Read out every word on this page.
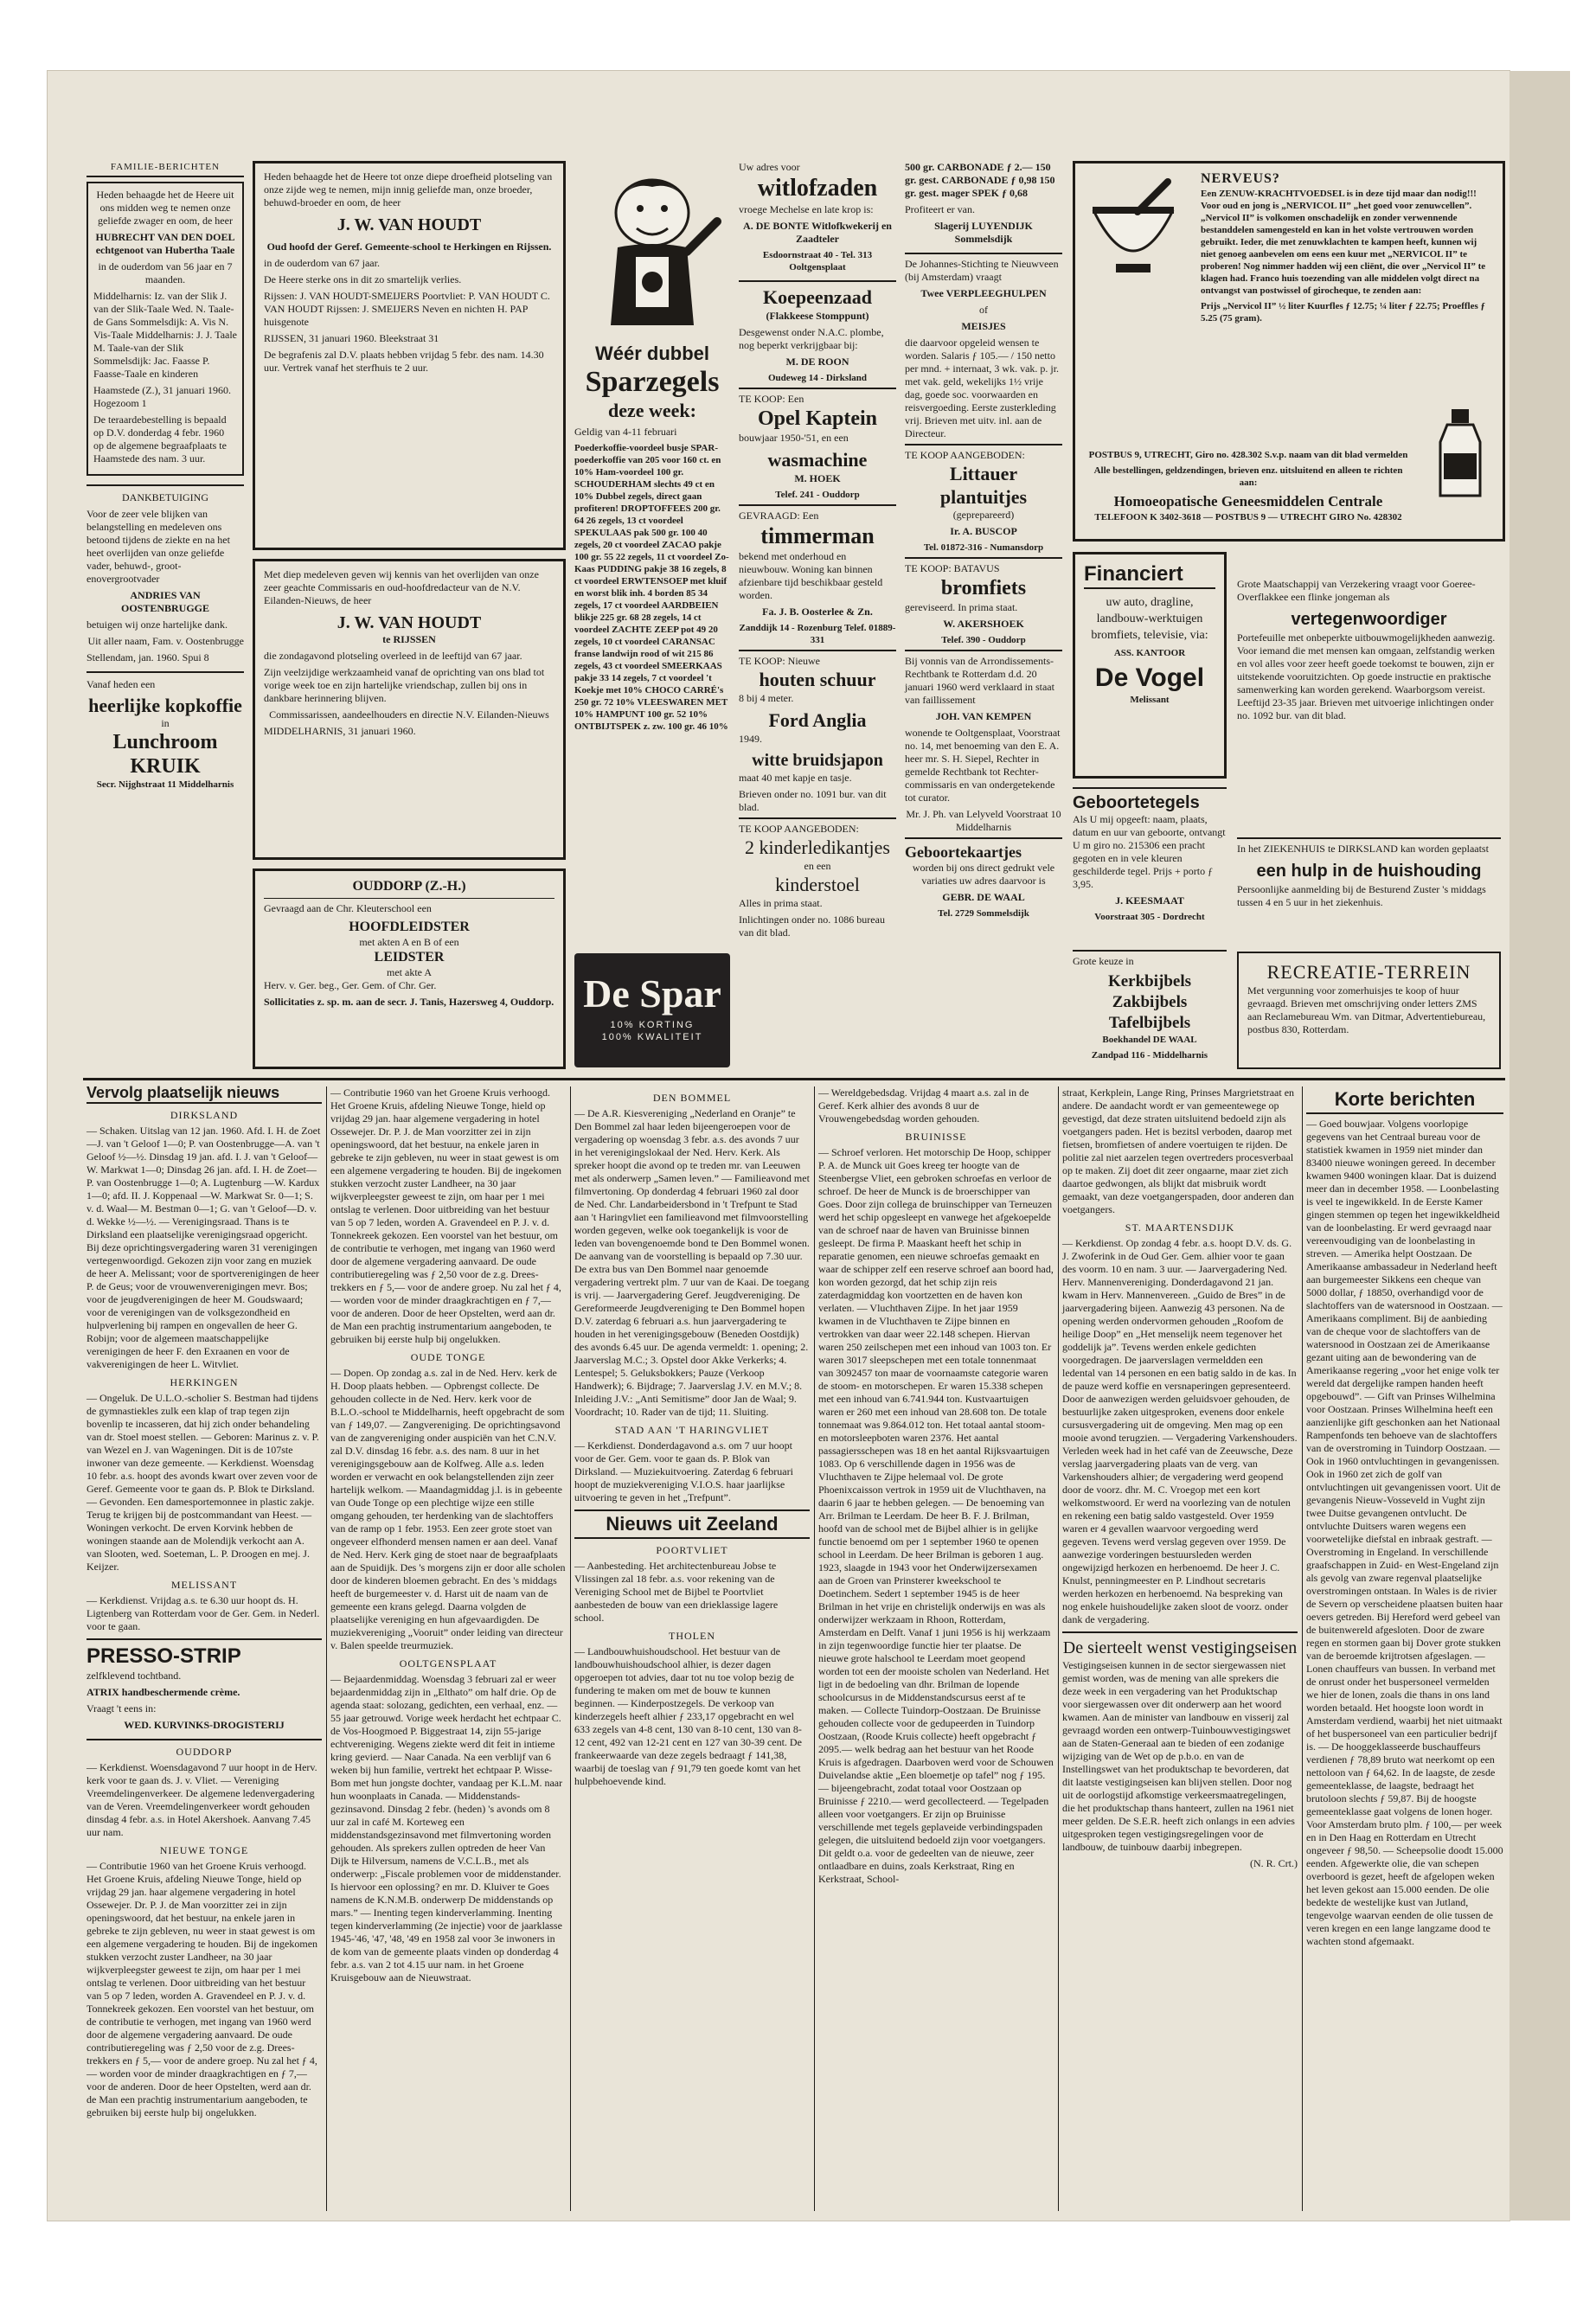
FAMILIE-BERICHTEN

Heden behaagde het de Heere uit ons midden weg te nemen onze geliefde zwager en oom, de heer

HUBRECHT VAN DEN DOEL echtgenoot van Huberthа Taale

in de ouderdom van 56 jaar en 7 maanden.

Middelharnis: Iz. van der Slik J. van der Slik-Taale Wed. N. Taale-de Gans Sommelsdijk: A. Vis N. Vis-Taale Middelharnis: J. J. Taale M. Taale-van der Slik Sommelsdijk: Jac. Faasse P. Faasse-Taale en kinderen

Haamstede (Z.), 31 januari 1960. Hogezoom 1

De teraardebestelling is bepaald op D.V. donderdag 4 febr. 1960 op de algemene begraafplaats te Haamstede des nam. 3 uur.

DANKBETUIGING

Voor de zeer vele blijken van belangstelling en medeleven ons betoond tijdens de ziekte en na het heet overlijden van onze geliefde vader, behuwd-, groot- enovergrootvader

ANDRIES VAN OOSTENBRUGGE

betuigen wij onze hartelijke dank.

Uit aller naam, Fam. v. Oostenbrugge

Stellendam, jan. 1960. Spui 8

Vanaf heden een

heerlijke kopkoffie
in
Lunchroom KRUIK
Secr. Nijghstraat 11 Middelharnis

Heden behaagde het de Heere tot onze diepe droefheid plotseling van onze zijde weg te nemen, mijn innig geliefde man, onze broeder, behuwd-broeder en oom, de heer

J. W. VAN HOUDT

Oud hoofd der Geref. Gemeente-school te Herkingen en Rijssen.

in de ouderdom van 67 jaar.

De Heere sterke ons in dit zo smartelijk verlies.

Rijssen: J. VAN HOUDT-SMEIJERS Poortvliet: P. VAN HOUDT C. VAN HOUDT Rijssen: J. SMEIJERS Neven en nichten H. PAP huisgenote

RIJSSEN, 31 januari 1960. Bleekstraat 31

De begrafenis zal D.V. plaats hebben vrijdag 5 febr. des nam. 14.30 uur. Vertrek vanaf het sterfhuis te 2 uur.

Met diep medeleven geven wij kennis van het overlijden van onze zeer geachte Commissaris en oud-hoofdredacteur van de N.V. Eilanden-Nieuws, de heer

J. W. VAN HOUDT

te RIJSSEN

die zondagavond plotseling overleed in de leeftijd van 67 jaar.

Zijn veelzijdige werkzaamheid vanaf de oprichting van ons blad tot vorige week toe en zijn hartelijke vriendschap, zullen bij ons in dankbare herinnering blijven.

Commissarissen, aandeelhouders en directie N.V. Eilanden-Nieuws

MIDDELHARNIS, 31 januari 1960.

OUDDORP (Z.-H.)

Gevraagd aan de Chr. Kleuterschool een

HOOFDLEIDSTER
met akten A en B of een
LEIDSTER
met akte A

Herv. v. Ger. beg., Ger. Gem. of Chr. Ger.

Sollicitaties z. sp. m. aan de secr. J. Tanis, Hazersweg 4, Ouddorp.

Wéér dubbel
Sparzegels
deze week:

Geldig van 4-11 februari

Poederkoffie-voordeel busje SPAR-poederkoffie van 205 voor 160 ct. en 10% Ham-voordeel 100 gr. SCHOUDERHAM slechts 49 ct en 10% Dubbel zegels, direct gaan profiteren! DROPTOFFEES 200 gr. 64 26 zegels, 13 ct voordeel SPEKULAAS pak 500 gr. 100 40 zegels, 20 ct voordeel ZACAO pakje 100 gr. 55 22 zegels, 11 ct voordeel Zo-Kaas PUDDING pakje 38 16 zegels, 8 ct voordeel ERWTENSOEP met kluif en worst blik inh. 4 borden 85 34 zegels, 17 ct voordeel AARDBEIEN blikje 225 gr. 68 28 zegels, 14 ct voordeel ZACHTE ZEEP pot 49 20 zegels, 10 ct voordeel CARANSAC franse landwijn rood of wit 215 86 zegels, 43 ct voordeel SMEERKAAS pakje 33 14 zegels, 7 ct voordeel 't Koekje met 10% CHOCO CARRÉ's 250 gr. 72 10% VLEESWAREN MET 10% HAMPUNT 100 gr. 52 10% ONTBIJTSPEK z. zw. 100 gr. 46 10%

De Spar
10% KORTING
100% KWALITEIT
Uw adres voor
witlofzaden

vroege Mechelse en late krop is:

A. DE BONTE Witlofkwekerij en Zaadteler

Esdoornstraat 40 - Tel. 313 Ooltgensplaat

Koepeenzaad

(Flakkeese Stomppunt)

Desgewenst onder N.A.C. plombe, nog beperkt verkrijgbaar bij:

M. DE ROON

Oudeweg 14 - Dirksland

TE KOOP: Een
Opel Kaptein

bouwjaar 1950-'51, en een

wasmachine

M. HOEK

Telef. 241 - Ouddorp

GEVRAAGD: Een
timmerman

bekend met onderhoud en nieuwbouw. Woning kan binnen afzienbare tijd beschikbaar gesteld worden.

Fa. J. B. Oosterlee & Zn.

Zanddijk 14 - Rozenburg Telef. 01889-331

TE KOOP: Nieuwe
houten schuur

8 bij 4 meter.

Ford Anglia

1949.

witte bruidsjapon

maat 40 met kapje en tasje.

Brieven onder no. 1091 bur. van dit blad.

TE KOOP AANGEBODEN:
2 kinderledikantjes
en een
kinderstoel

Alles in prima staat.

Inlichtingen onder no. 1086 bureau van dit blad.

500 gr. CARBONADE ƒ 2.— 150 gr. gest. CARBONADE ƒ 0,98 150 gr. gest. mager SPEK ƒ 0,68

Profiteert er van.

Slagerij LUYENDIJK Sommelsdijk

De Johannes-Stichting te Nieuwveen (bij Amsterdam) vraagt

Twee VERPLEEGHULPEN

of

MEISJES

die daarvoor opgeleid wensen te worden. Salaris ƒ 105.— / 150 netto per mnd. + internaat, 3 wk. vak. p. jr. met vak. geld, wekelijks 1½ vrije dag, goede soc. voorwaarden en reisvergoeding. Eerste zusterkleding vrij. Brieven met uitv. inl. aan de Directeur.

TE KOOP AANGEBODEN:
Littauer plantuitjes

(geprepareerd)

Ir. A. BUSCOP

Tel. 01872-316 - Numansdorp

TE KOOP: BATAVUS
bromfiets

gereviseerd. In prima staat.

W. AKERSHOEK

Telef. 390 - Ouddorp

Bij vonnis van de Arrondissements-Rechtbank te Rotterdam d.d. 20 januari 1960 werd verklaard in staat van faillissement

JOH. VAN KEMPEN

wonende te Ooltgensplaat, Voorstraat no. 14, met benoeming van den E. A. heer mr. S. H. Siepel, Rechter in gemelde Rechtbank tot Rechter-commissaris en van ondergetekende tot curator.

Mr. J. Ph. van Lelyveld Voorstraat 10 Middelharnis

Geboortekaartjes

worden bij ons direct gedrukt vele variaties uw adres daarvoor is

GEBR. DE WAAL

Tel. 2729 Sommelsdijk

NERVEUS?

Een ZENUW-KRACHTVOEDSEL is in deze tijd maar dan nodig!!! Voor oud en jong is „NERVICOL II” „het goed voor zenuwcellen”. „Nervicol II” is volkomen onschadelijk en zonder verwennende bestanddelen samengesteld en kan in het volste vertrouwen worden gebruikt. Ieder, die met zenuwklachten te kampen heeft, kunnen wij niet genoeg aanbevelen om eens een kuur met „NERVICOL II” te proberen! Nog nimmer hadden wij een cliënt, die over „Nervicol II” te klagen had. Franco huis toezending van alle middelen volgt direct na ontvangst van postwissel of girocheque, te zenden aan:

Prijs „Nervicol II” ½ liter Kuurfles ƒ 12.75; ¼ liter ƒ 22.75; Proeffles ƒ 5.25 (75 gram).

POSTBUS 9, UTRECHT, Giro no. 428.302 S.v.p. naam van dit blad vermelden

Alle bestellingen, geldzendingen, brieven enz. uitsluitend en alleen te richten aan:

Homoeopatische Geneesmiddelen Centrale

TELEFOON K 3402-3618 — POSTBUS 9 — UTRECHT GIRO No. 428302

Financiert

uw auto, dragline, landbouw-werktuigen bromfiets, televisie, via:

ASS. KANTOOR

De Vogel

Melissant

Geboortetegels

Als U mij opgeeft: naam, plaats, datum en uur van geboorte, ontvangt U m giro no. 215306 een pracht gegoten en in vele kleuren geschilderde tegel. Prijs + porto ƒ 3,95.

J. KEESMAAT

Voorstraat 305 - Dordrecht

Grote keuze in

Kerkbijbels Zakbijbels Tafelbijbels

Boekhandel DE WAAL

Zandpad 116 - Middelharnis

Grote Maatschappij van Verzekering vraagt voor Goeree-Overflakkee een flinke jongeman als

vertegenwoordiger

Portefeuille met onbeperkte uitbouwmogelijkheden aanwezig. Voor iemand die met mensen kan omgaan, zelfstandig werken en vol alles voor zeer heeft goede toekomst te bouwen, zijn er uitstekende vooruitzichten. Op goede instructie en praktische samenwerking kan worden gerekend. Waarborgsom vereist. Leeftijd 23-35 jaar. Brieven met uitvoerige inlichtingen onder no. 1092 bur. van dit blad.

In het ZIEKENHUIS te DIRKSLAND kan worden geplaatst

een hulp in de huishouding

Persoonlijke aanmelding bij de Besturend Zuster 's middags tussen 4 en 5 uur in het ziekenhuis.

RECREATIE-TERREIN

Met vergunning voor zomerhuisjes te koop of huur gevraagd. Brieven met omschrijving onder letters ZMS aan Reclamebureau Wm. van Ditmar, Advertentiebureau, postbus 830, Rotterdam.

Vervolg plaatselijk nieuws
DIRKSLAND

— Schaken. Uitslag van 12 jan. 1960. Afd. I. H. de Zoet—J. van 't Geloof 1—0; P. van Oostenbrugge—A. van 't Geloof ½—½. Dinsdag 19 jan. afd. I. J. van 't Geloof—W. Markwat 1—0; Dinsdag 26 jan. afd. I. H. de Zoet—P. van Oostenbrugge 1—0; A. Lugtenburg —W. Kardux 1—0; afd. II. J. Koppenaal —W. Markwat Sr. 0—1; S. v. d. Waal— M. Bestman 0—1; G. van 't Geloof—D. v. d. Wekke ½—½. — Verenigingsraad. Thans is te Dirksland een plaatselijke verenigingsraad opgericht. Bij deze oprichtingsvergadering waren 31 verenigingen vertegenwoordigd. Gekozen zijn voor zang en muziek de heer A. Melissant; voor de sportverenigingen de heer P. de Geus; voor de vrouwenverenigingen mevr. Bos; voor de jeugdverenigingen de heer M. Goudswaard; voor de verenigingen van de volksgezondheid en hulpverlening bij rampen en ongevallen de heer G. Robijn; voor de algemeen maatschappelijke verenigingen de heer F. den Exraanen en voor de vakverenigingen de heer L. Witvliet.

HERKINGEN

— Ongeluk. De U.L.O.-scholier S. Bestman had tijdens de gymnastiekles zulk een klap of trap tegen zijn bovenlip te incasseren, dat hij zich onder behandeling van dr. Stoel moest stellen. — Geboren: Marinus z. v. P. van Wezel en J. van Wageningen. Dit is de 107ste inwoner van deze gemeente. — Kerkdienst. Woensdag 10 febr. a.s. hoopt des avonds kwart over zeven voor de Geref. Gemeente voor te gaan ds. P. Blok te Dirksland. — Gevonden. Een damesportemonnee in plastic zakje. Terug te krijgen bij de postcommandant van Heest. — Woningen verkocht. De erven Korvink hebben de woningen staande aan de Molendijk verkocht aan A. van Slooten, wed. Soeteman, L. P. Droogen en mej. J. Keijzer.

MELISSANT

— Kerkdienst. Vrijdag a.s. te 6.30 uur hoopt ds. H. Ligtenberg van Rotterdam voor de Ger. Gem. in Nederl. voor te gaan.

PRESSO-STRIP

zelfklevend tochtband.

ATRIX handbeschermende crème.

Vraagt 't eens in:

WED. KURVINKS-DROGISTERIJ

OUDDORP

— Kerkdienst. Woensdagavond 7 uur hoopt in de Herv. kerk voor te gaan ds. J. v. Vliet. — Vereniging Vreemdelingenverkeer. De algemene ledenvergadering van de Veren. Vreemdelingenverkeer wordt gehouden dinsdag 4 febr. a.s. in Hotel Akershoek. Aanvang 7.45 uur nam.

NIEUWE TONGE

— Contributie 1960 van het Groene Kruis verhoogd. Het Groene Kruis, afdeling Nieuwe Tonge, hield op vrijdag 29 jan. haar algemene vergadering in hotel Ossewejer. Dr. P. J. de Man voorzitter zei in zijn openingswoord, dat het bestuur, na enkele jaren in gebreke te zijn gebleven, nu weer in staat gewest is om een algemene vergadering te houden. Bij de ingekomen stukken verzocht zuster Landheer, na 30 jaar wijkverpleegster geweest te zijn, om haar per 1 mei ontslag te verlenen. Door uitbreiding van het bestuur van 5 op 7 leden, worden A. Gravendeel en P. J. v. d. Tonnekreek gekozen. Een voorstel van het bestuur, om de contributie te verhogen, met ingang van 1960 werd door de algemene vergadering aanvaard. De oude contributieregeling was ƒ 2,50 voor de z.g. Drees-trekkers en ƒ 5,— voor de andere groep. Nu zal het ƒ 4,— worden voor de minder draagkrachtigen en ƒ 7,— voor de anderen. Door de heer Opstelten, werd aan dr. de Man een prachtig instrumentarium aangeboden, te gebruiken bij eerste hulp bij ongelukken.

— Contributie 1960 van het Groene Kruis verhoogd. Het Groene Kruis, afdeling Nieuwe Tonge, hield op vrijdag 29 jan. haar algemene vergadering in hotel Ossewejer. Dr. P. J. de Man voorzitter zei in zijn openingswoord, dat het bestuur, na enkele jaren in gebreke te zijn gebleven, nu weer in staat gewest is om een algemene vergadering te houden. Bij de ingekomen stukken verzocht zuster Landheer, na 30 jaar wijkverpleegster geweest te zijn, om haar per 1 mei ontslag te verlenen. Door uitbreiding van het bestuur van 5 op 7 leden, worden A. Gravendeel en P. J. v. d. Tonnekreek gekozen. Een voorstel van het bestuur, om de contributie te verhogen, met ingang van 1960 werd door de algemene vergadering aanvaard. De oude contributieregeling was ƒ 2,50 voor de z.g. Drees-trekkers en ƒ 5,— voor de andere groep. Nu zal het ƒ 4,— worden voor de minder draagkrachtigen en ƒ 7,— voor de anderen. Door de heer Opstelten, werd aan dr. de Man een prachtig instrumentarium aangeboden, te gebruiken bij eerste hulp bij ongelukken.

OUDE TONGE

— Dopen. Op zondag a.s. zal in de Ned. Herv. kerk de H. Doop plaats hebben. — Opbrengst collecte. De gehouden collecte in de Ned. Herv. kerk voor de B.L.O.-school te Middelharnis, heeft opgebracht de som van ƒ 149,07. — Zangvereniging. De oprichtingsavond van de zangvereniging onder auspiciën van het C.N.V. zal D.V. dinsdag 16 febr. a.s. des nam. 8 uur in het verenigingsgebouw aan de Kolfweg. Alle a.s. leden worden er verwacht en ook belangstellenden zijn zeer hartelijk welkom. — Maandagmiddag j.l. is in gebeente van Oude Tonge op een plechtige wijze een stille omgang gehouden, ter herdenking van de slachtoffers van de ramp op 1 febr. 1953. Een zeer grote stoet van ongeveer elfhonderd mensen namen er aan deel. Vanaf de Ned. Herv. Kerk ging de stoet naar de begraafplaats aan de Spuidijk. Des 's morgens zijn er door alle scholen door de kinderen bloemen gebracht. En des 's middags heeft de burgemeester v. d. Harst uit de naam van de gemeente een krans gelegd. Daarna volgden de plaatselijke vereniging en hun afgevaardigden. De muziekvereniging „Vooruit” onder leiding van directeur v. Balen speelde treurmuziek.

OOLTGENSPLAAT

— Bejaardenmiddag. Woensdag 3 februari zal er weer bejaardenmiddag zijn in „Elthato” om half drie. Op de agenda staat: solozang, gedichten, een verhaal, enz. — 55 jaar getrouwd. Vorige week herdacht het echtpaar C. de Vos-Hoogmoed P. Biggestraat 14, zijn 55-jarige echtvereniging. Wegens ziekte werd dit feit in intieme kring gevierd. — Naar Canada. Na een verblijf van 6 weken bij hun familie, vertrekt het echtpaar P. Wisse-Bom met hun jongste dochter, vandaag per K.L.M. naar hun woonplaats in Canada. — Middenstands-gezinsavond. Dinsdag 2 febr. (heden) 's avonds om 8 uur zal in café M. Korteweg een middenstandsgezinsavond met filmvertoning worden gehouden. Als sprekers zullen optreden de heer Van Dijk te Hilversum, namens de V.C.L.B., met als onderwerp: „Fiscale problemen voor de middenstander. Is hiervoor een oplossing? en mr. D. Kluiver te Goes namens de K.N.M.B. onderwerp De middenstands op mars.” — Inenting tegen kinderverlamming. Inenting tegen kinderverlamming (2e injectie) voor de jaarklasse 1945-'46, '47, '48, '49 en 1958 zal voor 3e inwoners in de kom van de gemeente plaats vinden op donderdag 4 febr. a.s. van 2 tot 4.15 uur nam. in het Groene Kruisgebouw aan de Nieuwstraat.

DEN BOMMEL

— De A.R. Kiesvereniging „Nederland en Oranje” te Den Bommel zal haar leden bijeengeroepen voor de vergadering op woensdag 3 febr. a.s. des avonds 7 uur in het verenigingslokaal der Ned. Herv. Kerk. Als spreker hoopt die avond op te treden mr. van Leeuwen met als onderwerp „Samen leven.” — Familieavond met filmvertoning. Op donderdag 4 februari 1960 zal door de Ned. Chr. Landarbeidersbond in 't Trefpunt te Stad aan 't Haringvliet een familieavond met filmvoorstelling worden gegeven, welke ook toegankelijk is voor de leden van bovengenoemde bond te Den Bommel wonen. De aanvang van de voorstelling is bepaald op 7.30 uur. De extra bus van Den Bommel naar genoemde vergadering vertrekt plm. 7 uur van de Kaai. De toegang is vrij. — Jaarvergadering Geref. Jeugdvereniging. De Gereformeerde Jeugdvereniging te Den Bommel hopen D.V. zaterdag 6 februari a.s. hun jaarvergadering te houden in het verenigingsgebouw (Beneden Oostdijk) des avonds 6.45 uur. De agenda vermeldt: 1. opening; 2. Jaarverslag M.C.; 3. Opstel door Akke Verkerks; 4. Lentespel; 5. Geluksbokkers; Pauze (Verkoop Handwerk); 6. Bijdrage; 7. Jaarverslag J.V. en M.V.; 8. Inleiding J.V.: „Anti Semitisme” door Jan de Waal; 9. Voordracht; 10. Rader van de tijd; 11. Sluiting.

STAD AAN 'T HARINGVLIET

— Kerkdienst. Donderdagavond a.s. om 7 uur hoopt voor de Ger. Gem. voor te gaan ds. P. Blok van Dirksland. — Muziekuitvoering. Zaterdag 6 februari hoopt de muziekvereniging V.I.O.S. haar jaarlijkse uitvoering te geven in het „Trefpunt”.

Nieuws uit Zeeland
POORTVLIET

— Aanbesteding. Het architectenbureau Jobse te Vlissingen zal 18 febr. a.s. voor rekening van de Vereniging School met de Bijbel te Poortvliet aanbesteden de bouw van een drieklassige lagere school.

THOLEN

— Landbouwhuishoudschool. Het bestuur van de landbouwhuishoudschool alhier, is dezer dagen opgeroepen tot advies, daar tot nu toe volop bezig de fundering te maken om met de bouw te kunnen beginnen. — Kinderpostzegels. De verkoop van kinderzegels heeft alhier ƒ 233,17 opgebracht en wel 633 zegels van 4-8 cent, 130 van 8-10 cent, 130 van 8-12 cent, 492 van 12-21 cent en 127 van 30-39 cent. De frankeerwaarde van deze zegels bedraagt ƒ 141,38, waarbij de toeslag van ƒ 91,79 ten goede komt van het hulpbehoevende kind.

— Wereldgebedsdag. Vrijdag 4 maart a.s. zal in de Geref. Kerk alhier des avonds 8 uur de Vrouwengebedsdag worden gehouden.

BRUINISSE

— Schroef verloren. Het motorschip De Hoop, schipper P. A. de Munck uit Goes kreeg ter hoogte van de Steenbergse Vliet, een gebroken schroefas en verloor de schroef. De heer de Munck is de broerschipper van Goes. Door zijn collega de bruinschipper van Terneuzen werd het schip opgesleept en vanwege het afgekoepelde van de schroef naar de haven van Bruinisse binnen gesleept. De firma P. Maaskant heeft het schip in reparatie genomen, een nieuwe schroefas gemaakt en waar de schipper zelf een reserve schroef aan boord had, kon worden gezorgd, dat het schip zijn reis zaterdagmiddag kon voortzetten en de haven kon verlaten. — Vluchthaven Zijpe. In het jaar 1959 kwamen in de Vluchthaven te Zijpe binnen en vertrokken van daar weer 22.148 schepen. Hiervan waren 250 zeilschepen met een inhoud van 1003 ton. Er waren 3017 sleepschepen met een totale tonnenmaat van 3092457 ton maar de voornaamste categorie waren de stoom- en motorschepen. Er waren 15.338 schepen met een inhoud van 6.741.944 ton. Kustvaartuigen waren er 260 met een inhoud van 28.608 ton. De totale tonnemaat was 9.864.012 ton. Het totaal aantal stoom- en motorsleepboten waren 2376. Het aantal passagiersschepen was 18 en het aantal Rijksvaartuigen 1083. Op 6 verschillende dagen in 1956 was de Vluchthaven te Zijpe helemaal vol. De grote Phoenixcaisson vertrok in 1959 uit de Vluchthaven, na daarin 6 jaar te hebben gelegen. — De benoeming van Arr. Brilman te Leerdam. De heer B. F. J. Brilman, hoofd van de school met de Bijbel alhier is in gelijke functie benoemd om per 1 september 1960 te openen school in Leerdam. De heer Brilman is geboren 1 aug. 1923, slaagde in 1943 voor het Onderwijzersexamen aan de Groen van Prinsterer kweekschool te Doetinchem. Sedert 1 september 1945 is de heer Brilman in het vrije en christelijk onderwijs en was als onderwijzer werkzaam in Rhoon, Rotterdam, Amsterdam en Delft. Vanaf 1 juni 1956 is hij werkzaam in zijn tegenwoordige functie hier ter plaatse. De nieuwe grote halschool te Leerdam moet geopend worden tot een der mooiste scholen van Nederland. Het ligt in de bedoeling van dhr. Brilman de lopende schoolcursus in de Middenstandscursus eerst af te maken. — Collecte Tuindorp-Oostzaan. De Bruinisse gehouden collecte voor de gedupeerden in Tuindorp Oostzaan, (Roode Kruis collecte) heeft opgebracht ƒ 2095.— welk bedrag aan het bestuur van het Roode Kruis is afgedragen. Daarboven werd voor de Schouwen Duivelandse aktie „Een bloemetje op tafel” nog ƒ 195.— bijeengebracht, zodat totaal voor Oostzaan op Bruinisse ƒ 2210.— werd gecollecteerd. — Tegelpaden alleen voor voetgangers. Er zijn op Bruinisse verschillende met tegels geplaveide verbindingspaden gelegen, die uitsluitend bedoeld zijn voor voetgangers. Dit geldt o.a. voor de gedeelten van de nieuwe, zeer ontlaadbare en duins, zoals Kerkstraat, Ring en Kerkstraat, School-

straat, Kerkplein, Lange Ring, Prinses Margrietstraat en andere. De aandacht wordt er van gemeentewege op gevestigd, dat deze straten uitsluitend bedoeld zijn als voetgangers paden. Het is bezitsl verboden, daarop met fietsen, bromfietsen of andere voertuigen te rijden. De politie zal niet aarzelen tegen overtreders procesverbaal op te maken. Zij doet dit zeer ongaarne, maar ziet zich daartoe gedwongen, als blijkt dat misbruik wordt gemaakt, van deze voetgangerspaden, door anderen dan voetgangers.

ST. MAARTENSDIJK

— Kerkdienst. Op zondag 4 febr. a.s. hoopt D.V. ds. G. J. Zwoferink in de Oud Ger. Gem. alhier voor te gaan des voorm. 10 en nam. 3 uur. — Jaarvergadering Ned. Herv. Mannenvereniging. Donderdagavond 21 jan. kwam in Herv. Mannenvereen. „Guido de Bres” in de jaarvergadering bijeen. Aanwezig 43 personen. Na de opening werden ondervormen gehouden „Roofom de heilige Doop” en „Het menselijk neem tegenover het goddelijk ja”. Tevens werden enkele gedichten voorgedragen. De jaarverslagen vermeldden een ledental van 14 personen en een batig saldo in de kas. In de pauze werd koffie en versnaperingen gepresenteerd. Door de aanwezigen werden geluidsvoer gehouden, de bestuurlijke zaken uitgesproken, evenens door enkele cursusvergadering uit de omgeving. Men mag op een mooie avond terugzien. — Vergadering Varkenshouders. Verleden week had in het café van de Zeeuwsche, Deze verslag jaarvergadering plaats van de verg. van Varkenshouders alhier; de vergadering werd geopend door de voorz. dhr. M. C. Vroegop met een kort welkomstwoord. Er werd na voorlezing van de notulen en rekening een batig saldo vastgesteld. Over 1959 waren er 4 gevallen waarvoor vergoeding werd gegeven. Tevens werd verslag gegeven over 1959. De aanwezige vorderingen bestuursleden werden ongewijzigd herkozen en herbenoemd. De heer J. C. Knulst, penningmeester en P. Lindhout secretaris werden herkozen en herbenoemd. Na bespreking van nog enkele huishoudelijke zaken sloot de voorz. onder dank de vergadering.

De sierteelt wenst vestigingseisen

Vestigingseisen kunnen in de sector siergewassen niet gemist worden, was de mening van alle sprekers die deze week in een vergadering van het Produktschap voor siergewassen over dit onderwerp aan het woord kwamen. Aan de minister van landbouw en visserij zal gevraagd worden een ontwerp-Tuinbouwvestigingswet aan de Staten-Generaal aan te bieden of een zodanige wijziging van de Wet op de p.b.o. en van de Instellingswet van het produktschap te bevorderen, dat dit laatste vestigingseisen kan blijven stellen. Door nog uit de oorlogstijd afkomstige verkeersmaatregelingen, die het produktschap thans hanteert, zullen na 1961 niet meer gelden. De S.E.R. heeft zich onlangs in een advies uitgesproken tegen vestigingsregelingen voor de landbouw, de tuinbouw daarbij inbegrepen.

(N. R. Crt.)

Korte berichten

— Goed bouwjaar. Volgens voorlopige gegevens van het Centraal bureau voor de statistiek kwamen in 1959 niet minder dan 83400 nieuwe woningen gereed. In december kwamen 9400 woningen klaar. Dat is duizend meer dan in december 1958. — Loonbelasting is veel te ingewikkeld. In de Eerste Kamer gingen stemmen op tegen het ingewikkeldheid van de loonbelasting. Er werd gevraagd naar vereenvoudiging van de loonbelasting in streven. — Amerika helpt Oostzaan. De Amerikaanse ambassadeur in Nederland heeft aan burgemeester Sikkens een cheque van 5000 dollar, ƒ 18850, overhandigd voor de slachtoffers van de watersnood in Oostzaan. — Amerikaans compliment. Bij de aanbieding van de cheque voor de slachtoffers van de watersnood in Oostzaan zei de Amerikaanse gezant uiting aan de bewondering van de Amerikaanse regering „voor het enige volk ter wereld dat dergelijke rampen handen heeft opgebouwd”. — Gift van Prinses Wilhelmina voor Oostzaan. Prinses Wilhelmina heeft een aanzienlijke gift geschonken aan het Nationaal Rampenfonds ten behoeve van de slachtoffers van de overstroming in Tuindorp Oostzaan. — Ook in 1960 ontvluchtingen in gevangenissen. Ook in 1960 zet zich de golf van ontvluchtingen uit gevangenissen voort. Uit de gevangenis Nieuw-Vosseveld in Vught zijn twee Duitse gevangenen ontvlucht. De ontvluchte Duitsers waren wegens een voorwetelijke diefstal en inbraak gestraft. — Overstroming in Engeland. In verschillende graafschappen in Zuid- en West-Engeland zijn als gevolg van zware regenval plaatselijke overstromingen ontstaan. In Wales is de rivier de Severn op verscheidene plaatsen buiten haar oevers getreden. Bij Hereford werd gebeel van de buitenwereld afgesloten. Door de zware regen en stormen gaan bij Dover grote stukken van de beroemde krijtrotsen afgeslagen. — Lonen chauffeurs van bussen. In verband met de onrust onder het buspersoneel vermelden we hier de lonen, zoals die thans in ons land worden betaald. Het hoogste loon wordt in Amsterdam verdiend, waarbij het niet uitmaakt of het buspersoneel van een particulier bedrijf is. — De hooggeklasseerde buschauffeurs verdienen ƒ 78,89 bruto wat neerkomt op een nettoloon van ƒ 64,62. In de laagste, de zesde gemeenteklasse, de laagste, bedraagt het brutoloon slechts ƒ 59,87. Bij de hoogste gemeenteklasse gaat volgens de lonen hoger. Voor Amsterdam bruto plm. ƒ 100,— per week en in Den Haag en Rotterdam en Utrecht ongeveer ƒ 98,50. — Scheepsolie doodt 15.000 eenden. Afgewerkte olie, die van schepen overboord is gezet, heeft de afgelopen weken het leven gekost aan 15.000 eenden. De olie bedekte de westelijke kust van Jutland, tengevolge waarvan eenden de olie tussen de veren kregen en een lange langzame dood te wachten stond afgemaakt.
